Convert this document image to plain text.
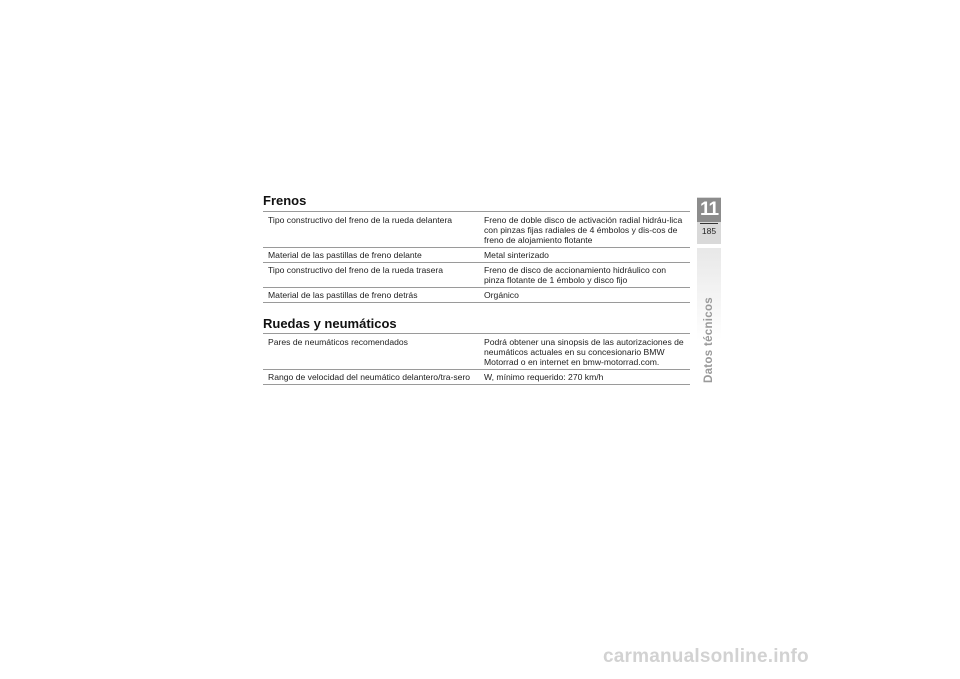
Frenos
Tipo constructivo del freno de la rueda delantera	Freno de doble disco de activación radial hidráu-lica con pinzas fijas radiales de 4 émbolos y dis-cos de freno de alojamiento flotante
Material de las pastillas de freno delante	Metal sinterizado
Tipo constructivo del freno de la rueda trasera	Freno de disco de accionamiento hidráulico con pinza flotante de 1 émbolo y disco fijo
Material de las pastillas de freno detrás	Orgánico
Ruedas y neumáticos
Pares de neumáticos recomendados	Podrá obtener una sinopsis de las autorizaciones de neumáticos actuales en su concesionario BMW Motorrad o en internet en bmw-motorrad.com.
Rango de velocidad del neumático delantero/tra-sero	W, mínimo requerido: 270 km/h
11
185
Datos técnicos
carmanualsonline.info
